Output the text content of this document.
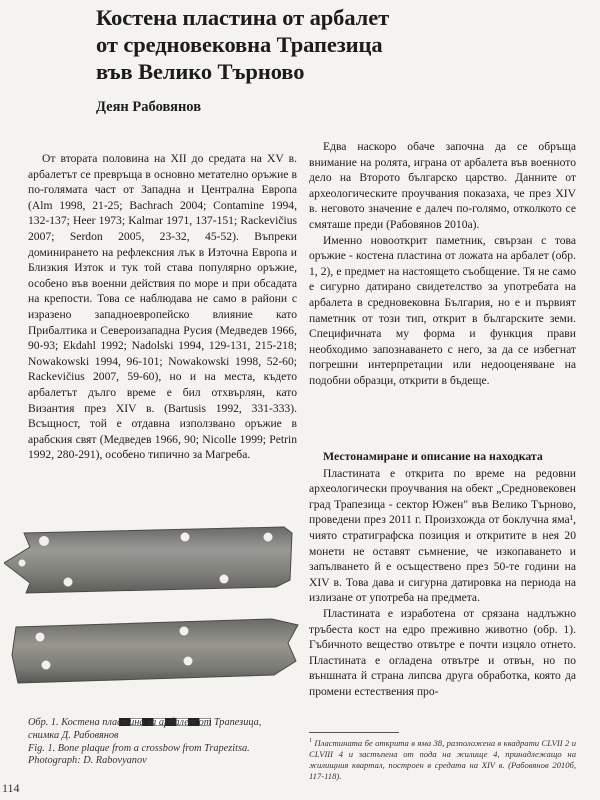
Костена пластина от арбалет
от средновековна Трапезица
във Велико Търново
Деян Рабовянов

От втората половина на XII до средата на XV в. арбалетът се превръща в основно метателно оръжие в по-голямата част от Западна и Централна Европа (Alm 1998, 21-25; Bachrach 2004; Contamine 1994, 132-137; Heer 1973; Kalmar 1971, 137-151; Rackevičius 2007; Serdon 2005, 23-32, 45-52). Въпреки доминирането на рефлексния лък в Източна Европа и Близкия Изток и тук той става популярно оръжие, особено във военни действия по море и при обсадата на крепости. Това се наблюдава не само в райони с изразено западноевропейско влияние като Прибалтика и Североизападна Русия (Медведев 1966, 90-93; Ekdahl 1992; Nadolski 1994, 129-131, 215-218; Nowakowski 1994, 96-101; Nowakowski 1998, 52-60; Rackevičius 2007, 59-60), но и на места, където арбалетът дълго време е бил отхвърлян, като Византия през XIV в. (Bartusis 1992, 331-333). Всъщност, той е отдавна използвано оръжие в арабския свят (Медведев 1966, 90; Nicolle 1999; Petrin 1992, 280-291), особено типично за Магреба.

Едва наскоро обаче започна да се обръща внимание на ролята, играна от арбалета във военното дело на Второто българско царство. Данните от археологическите проучвания показаха, че през XIV в. неговото значение е далеч по-голямо, отколкото се смяташе преди (Рабовянов 2010a).

Именно новооткрит паметник, свързан с това оръжие - костена пластина от ложата на арбалет (обр. 1, 2), е предмет на настоящето съобщение. Тя не само е сигурно датирано свидетелство за употребата на арбалета в средновековна България, но е и първият паметник от този тип, открит в българските земи. Специфичната му форма и функция прави необходимо запознаването с него, за да се избегнат погрешни интерпретации или недооценяване на подобни образци, открити в бъдеще.

Местонамиране и описание на находката

Пластината е открита по време на редовни археологически проучвания на обект „Средновековен град Трапезица - сектор Южен" във Велико Търново, проведени през 2011 г. Произхожда от боклучна яма¹, чиято стратиграфска позиция и откритите в нея 20 монети не оставят съмнение, че изкопаването и запълването й е осъществено през 50-те години на XIV в. Това дава и сигурна датировка на периода на излизане от употреба на предмета.

Пластината е изработена от срязана надлъжно тръбеста кост на едро преживно животно (обр. 1). Гъбичното вещество отвътре е почти изцяло отнето. Пластината е огладена отвътре и отвън, но по външната й страна липсва друга обработка, която да промени естествения про-

Обр. 1. Костена пластина за арбалет от Трапезица,
снимка Д. Рабовянов
Fig. 1. Bone plaque from a crossbow from Trapezitsa.
Photograph: D. Rabovyanov
$^1$ Пластината бе открита в яма 38, разположена в квадрати CLVII 2 и CLVIII 4 и застъпена от пода на жилище 4, принадлежащо на жилищния квартал, построен в средата на XIV в. (Рабовянов 2010б, 117-118).
114
